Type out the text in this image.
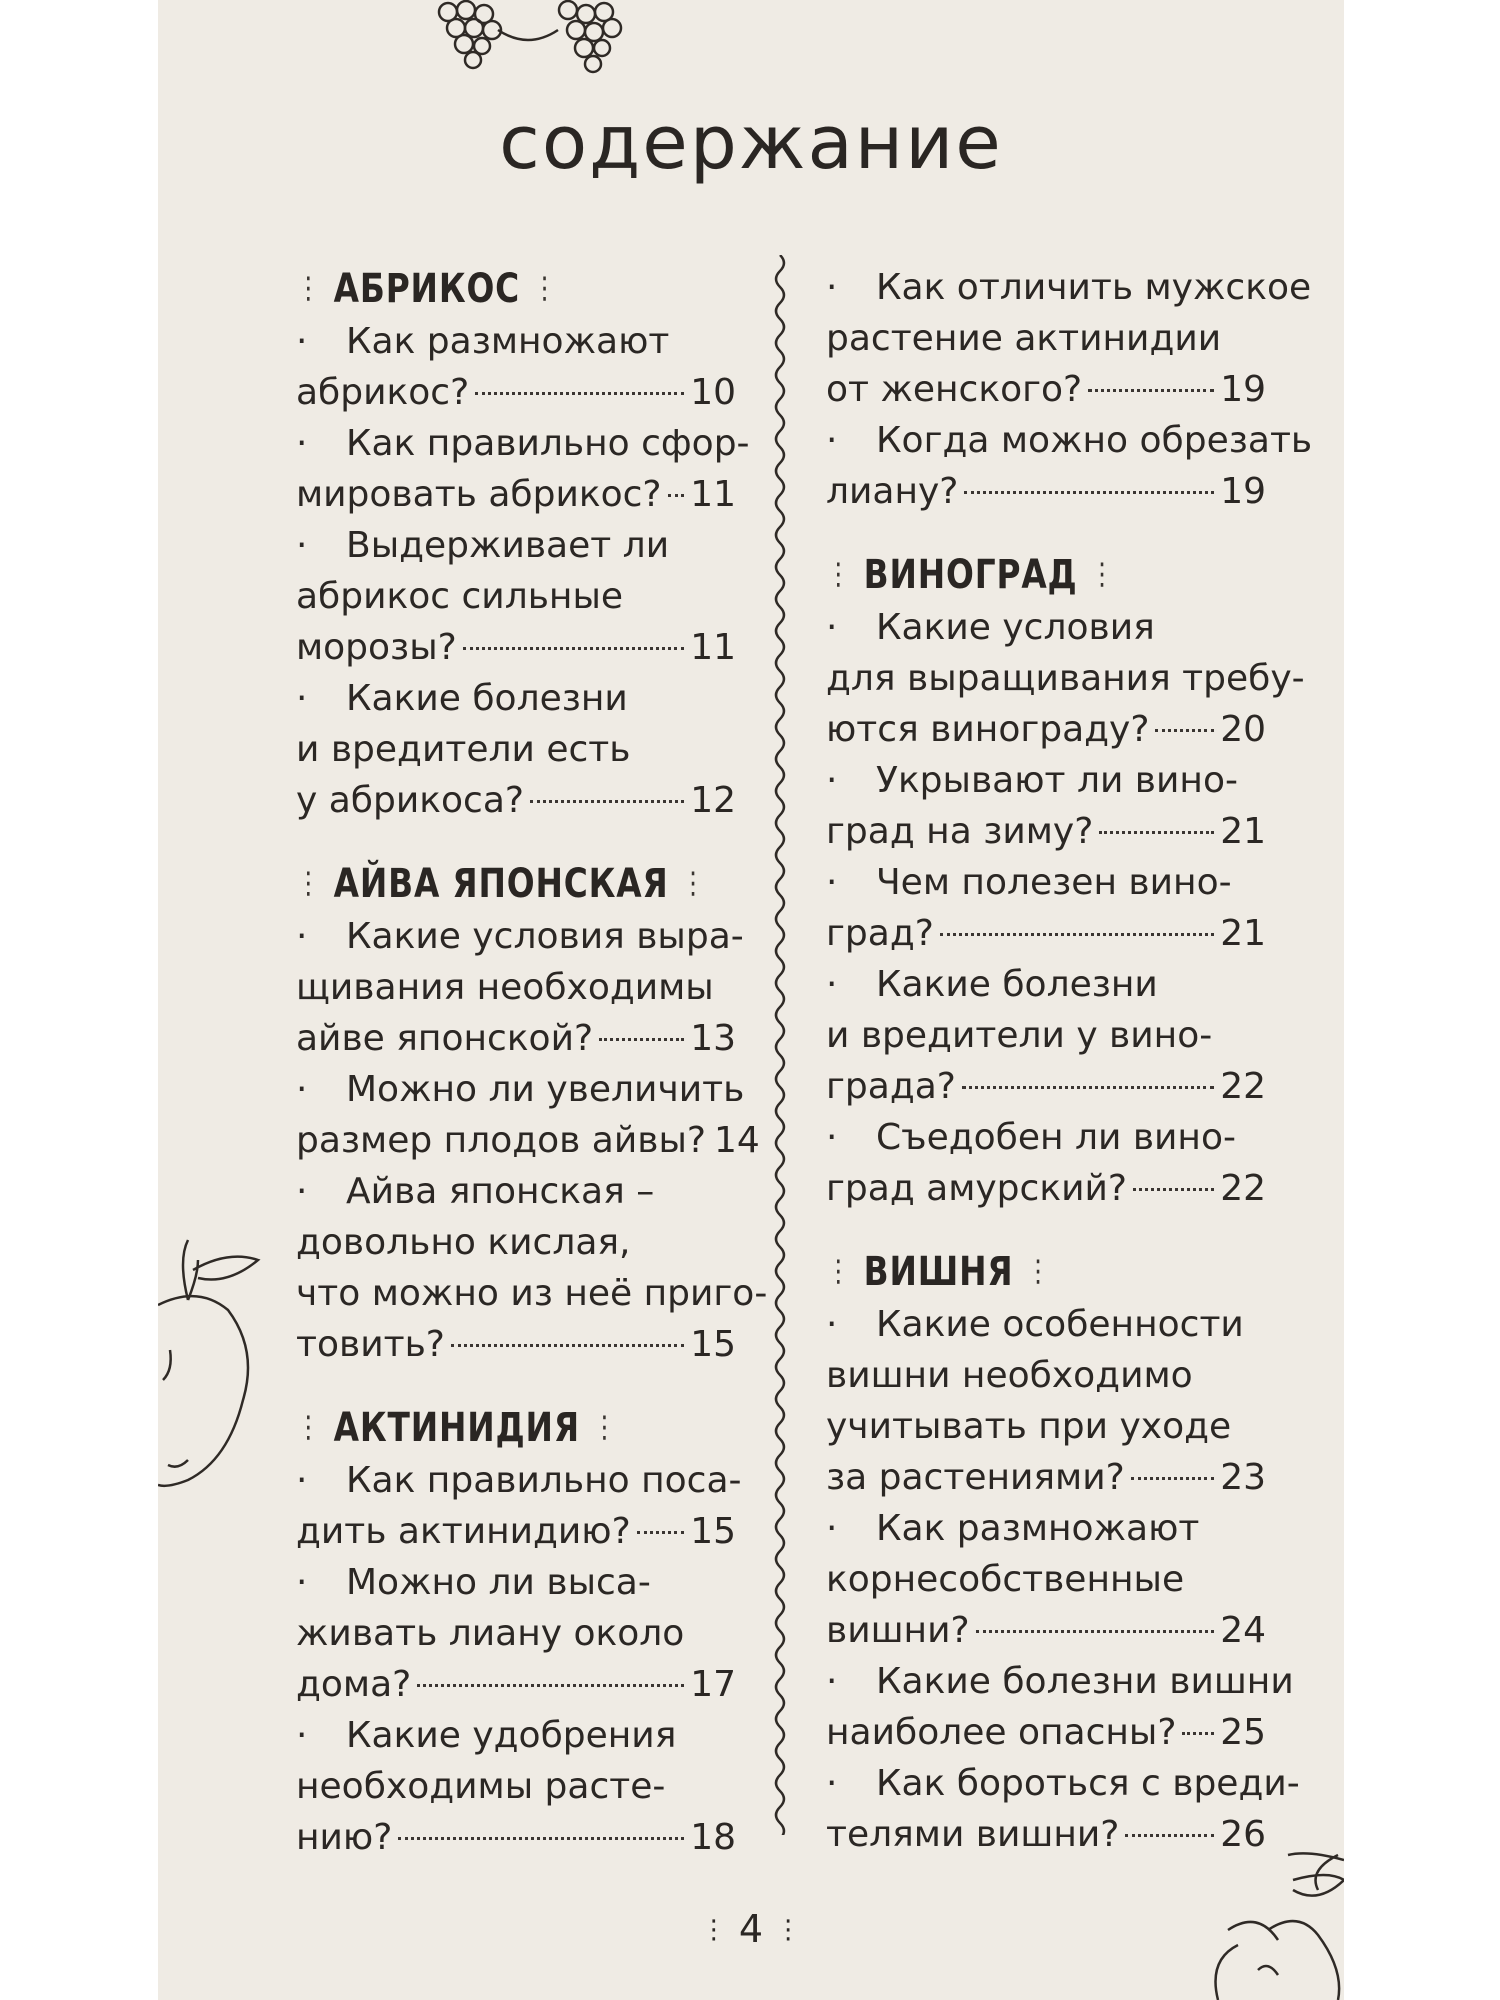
содержание
⋮ АБРИКОС ⋮
· Как размножают
абрикос?	10
· Как правильно сфор-
мировать абрикос? 11
· Выдерживает ли
абрикос сильные
морозы?	11
· Какие болезни
и вредители есть
у абрикоса?	12
⋮ АЙВА ЯПОНСКАЯ ⋮
· Какие условия выра-
щивания необходимы
айве японской?	13
· Можно ли увеличить
размер плодов айвы? 14
· Айва японская –
довольно кислая,
что можно из неё приго-
товить?	15
⋮ АКТИНИДИЯ ⋮
· Как правильно поса-
дить актинидию? 15
· Можно ли выса-
живать лиану около
дома?	17
· Какие удобрения
необходимы расте-
нию?	18
· Как отличить мужское
растение актинидии
от женского?	19
· Когда можно обрезать
лиану?	19
⋮ ВИНОГРАД ⋮
· Какие условия
для выращивания требу-
ются винограду? 20
· Укрывают ли вино-
град на зиму?	21
· Чем полезен вино-
град?	21
· Какие болезни
и вредители у вино-
града?	22
· Съедобен ли вино-
град амурский?	22
⋮ ВИШНЯ ⋮
· Какие особенности
вишни необходимо
учитывать при уходе
за растениями?	23
· Как размножают
корнесобственные
вишни?	24
· Какие болезни вишни
наиболее опасны? 25
· Как бороться с вреди-
телями вишни?	26
⋮ 4 ⋮
